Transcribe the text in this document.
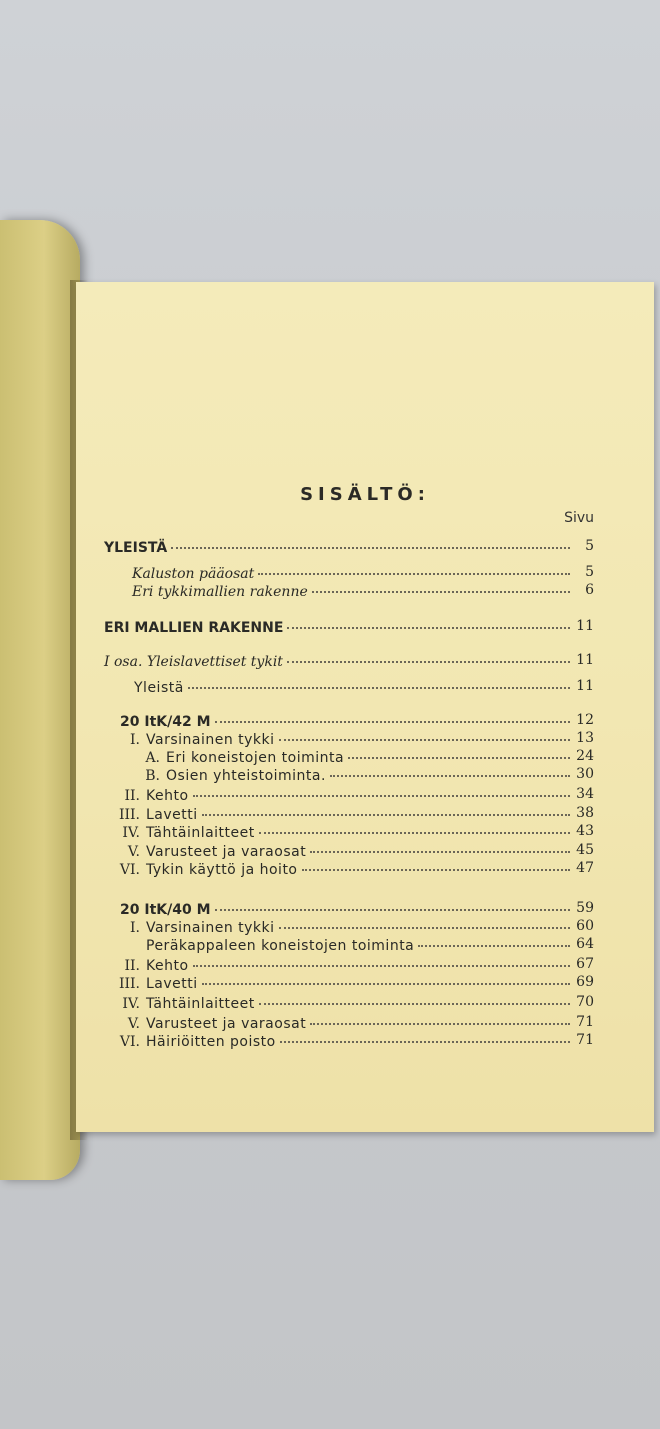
SISÄLTÖ:
Sivu
YLEISTÄ	5
Kaluston pääosat	5
Eri tykkimallien rakenne	6
ERI MALLIEN RAKENNE	11
I osa. Yleislavettiset tykit	11
Yleistä	11
20 ItK/42 M	12
I. Varsinainen tykki	13
A. Eri koneistojen toiminta	24
B. Osien yhteistoiminta.	30
II. Kehto	34
III. Lavetti	38
IV. Tähtäinlaitteet	43
V. Varusteet ja varaosat	45
VI. Tykin käyttö ja hoito	47
20 ItK/40 M	59
I. Varsinainen tykki	60
Peräkappaleen koneistojen toiminta	64
II. Kehto	67
III. Lavetti	69
IV. Tähtäinlaitteet	70
V. Varusteet ja varaosat	71
VI. Häiriöitten poisto	71
